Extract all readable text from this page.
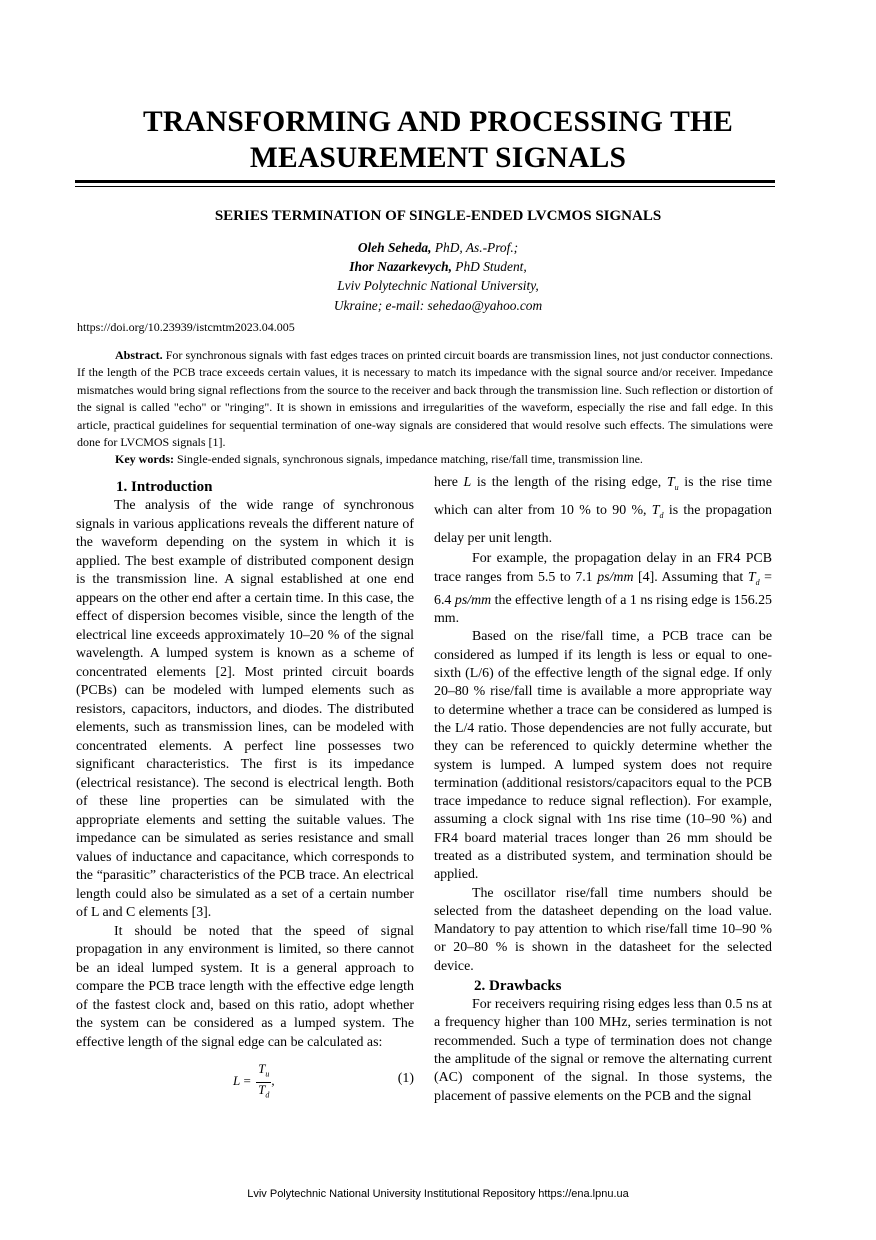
TRANSFORMING AND PROCESSING THE
MEASUREMENT SIGNALS
SERIES TERMINATION OF SINGLE-ENDED LVCMOS SIGNALS
Oleh Seheda, PhD, As.-Prof.;
Ihor Nazarkevych, PhD Student,
Lviv Polytechnic National University,
Ukraine; e-mail: sehedao@yahoo.com
https://doi.org/10.23939/istcmtm2023.04.005

Abstract. For synchronous signals with fast edges traces on printed circuit boards are transmission lines, not just conductor connections. If the length of the PCB trace exceeds certain values, it is necessary to match its impedance with the signal source and/or receiver. Impedance mismatches would bring signal reflections from the source to the receiver and back through the transmission line. Such reflection or distortion of the signal is called "echo" or "ringing". It is shown in emissions and irregularities of the waveform, especially the rise and fall edge. In this article, practical guidelines for sequential termination of one-way signals are considered that would resolve such effects. The simulations were done for LVCMOS signals [1].

Key words: Single-ended signals, synchronous signals, impedance matching, rise/fall time, transmission line.

1. Introduction

The analysis of the wide range of synchronous signals in various applications reveals the different nature of the waveform depending on the system in which it is applied. The best example of distributed component design is the transmission line. A signal established at one end appears on the other end after a certain time. In this case, the effect of dispersion becomes visible, since the length of the electrical line exceeds approximately 10–20 % of the signal wavelength. A lumped system is known as a scheme of concentrated elements [2]. Most printed circuit boards (PCBs) can be modeled with lumped elements such as resistors, capacitors, inductors, and diodes. The distributed elements, such as transmission lines, can be modeled with concentrated elements. A perfect line possesses two significant characteristics. The first is its impedance (electrical resistance). The second is electrical length. Both of these line properties can be simulated with the appropriate elements and setting the suitable values. The impedance can be simulated as series resistance and small values of inductance and capacitance, which corresponds to the “parasitic” characteristics of the PCB trace. An electrical length could also be simulated as a set of a certain number of L and C elements [3].

It should be noted that the speed of signal propagation in any environment is limited, so there cannot be an ideal lumped system. It is a general approach to compare the PCB trace length with the effective edge length of the fastest clock and, based on this ratio, adopt whether the system can be considered as a lumped system. The effective length of the signal edge can be calculated as:

$L = \frac{T_u}{T_d}$ ,	(1)

here L is the length of the rising edge, $T_u$ is the rise time which can alter from 10 % to 90 %, $T_d$ is the propagation delay per unit length.

For example, the propagation delay in an FR4 PCB trace ranges from 5.5 to 7.1 ps/mm [4]. Assuming that $T_d = 6.4$ ps/mm the effective length of a 1 ns rising edge is 156.25 mm.

Based on the rise/fall time, a PCB trace can be considered as lumped if its length is less or equal to one-sixth (L/6) of the effective length of the signal edge. If only 20–80 % rise/fall time is available a more appropriate way to determine whether a trace can be considered as lumped is the L/4 ratio. Those dependencies are not fully accurate, but they can be referenced to quickly determine whether the system is lumped. A lumped system does not require termination (additional resistors/capacitors equal to the PCB trace impedance to reduce signal reflection). For example, assuming a clock signal with 1ns rise time (10–90 %) and FR4 board material traces longer than 26 mm should be treated as a distributed system, and termination should be applied.

The oscillator rise/fall time numbers should be selected from the datasheet depending on the load value. Mandatory to pay attention to which rise/fall time 10–90 % or 20–80 % is shown in the datasheet for the selected device.

2. Drawbacks

For receivers requiring rising edges less than 0.5 ns at a frequency higher than 100 MHz, series termination is not recommended. Such a type of termination does not change the amplitude of the signal or remove the alternating current (AC) component of the signal. In those systems, the placement of passive elements on the PCB and the signal

Lviv Polytechnic National University Institutional Repository https://ena.lpnu.ua
